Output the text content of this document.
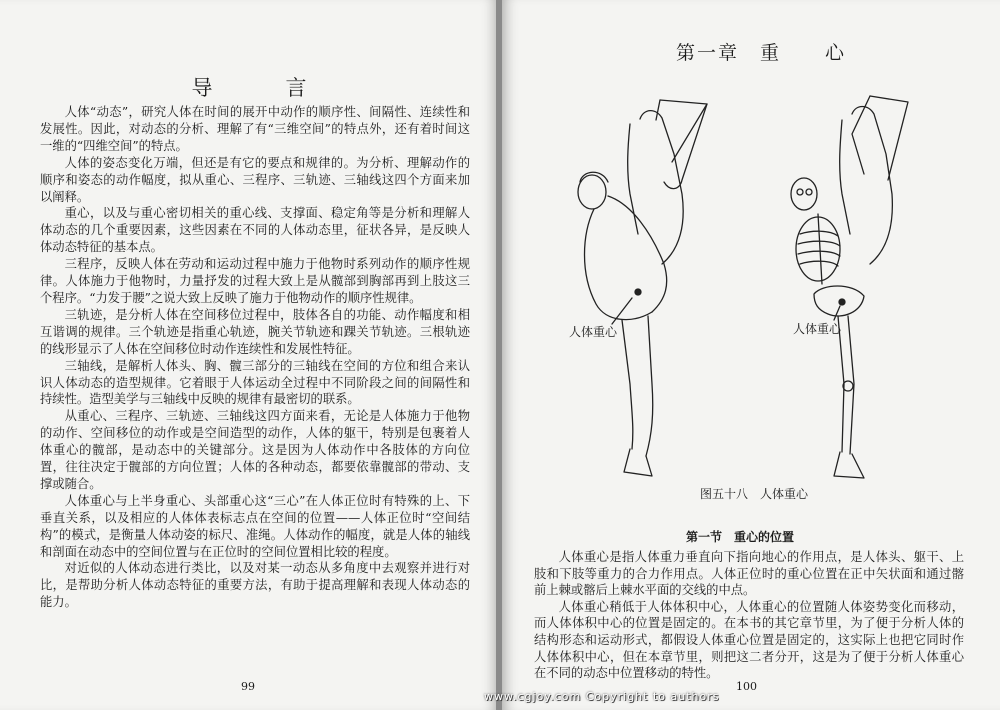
导　言

人体“动态”，研究人体在时间的展开中动作的顺序性、间隔性、连续性和发展性。因此，对动态的分析、理解了有“三维空间”的特点外，还有着时间这一维的“四维空间”的特点。

人体的姿态变化万端，但还是有它的要点和规律的。为分析、理解动作的顺序和姿态的动作幅度，拟从重心、三程序、三轨迹、三轴线这四个方面来加以阐释。

重心，以及与重心密切相关的重心线、支撑面、稳定角等是分析和理解人体动态的几个重要因素，这些因素在不同的人体动态里，征状各异，是反映人体动态特征的基本点。

三程序，反映人体在劳动和运动过程中施力于他物时系列动作的顺序性规律。人体施力于他物时，力量抒发的过程大致上是从髋部到胸部再到上肢这三个程序。“力发于腰”之说大致上反映了施力于他物动作的顺序性规律。

三轨迹，是分析人体在空间移位过程中，肢体各自的功能、动作幅度和相互谐调的规律。三个轨迹是指重心轨迹，腕关节轨迹和踝关节轨迹。三根轨迹的线形显示了人体在空间移位时动作连续性和发展性特征。

三轴线，是解析人体头、胸、髋三部分的三轴线在空间的方位和组合来认识人体动态的造型规律。它着眼于人体运动全过程中不同阶段之间的间隔性和持续性。造型美学与三轴线中反映的规律有最密切的联系。

从重心、三程序、三轨迹、三轴线这四方面来看，无论是人体施力于他物的动作、空间移位的动作或是空间造型的动作，人体的躯干，特别是包裹着人体重心的髋部，是动态中的关键部分。这是因为人体动作中各肢体的方向位置，往往决定于髋部的方向位置；人体的各种动态，都要依靠髋部的带动、支撑或随合。

人体重心与上半身重心、头部重心这“三心”在人体正位时有特殊的上、下垂直关系，以及相应的人体体表标志点在空间的位置——人体正位时“空间结构”的模式，是衡量人体动姿的标尺、准绳。人体动作的幅度，就是人体的轴线和剖面在动态中的空间位置与在正位时的空间位置相比较的程度。

对近似的人体动态进行类比，以及对某一动态从多角度中去观察并进行对比，是帮助分析人体动态特征的重要方法，有助于提高理解和表现人体动态的能力。

99
第一章　重 心
人体重心	人体重心
图五十八　人体重心
第一节　重心的位置

人体重心是指人体重力垂直向下指向地心的作用点，是人体头、躯干、上肢和下肢等重力的合力作用点。人体正位时的重心位置在正中矢状面和通过髂前上棘或髂后上棘水平面的交线的中点。

人体重心稍低于人体体积中心，人体重心的位置随人体姿势变化而移动，而人体体积中心的位置是固定的。在本书的其它章节里，为了便于分析人体的结构形态和运动形式，都假设人体重心位置是固定的，这实际上也把它同时作人体体积中心，但在本章节里，则把这二者分开，这是为了便于分析人体重心在不同的动态中位置移动的特性。

100
www.cgjoy.com Copyright to authors
